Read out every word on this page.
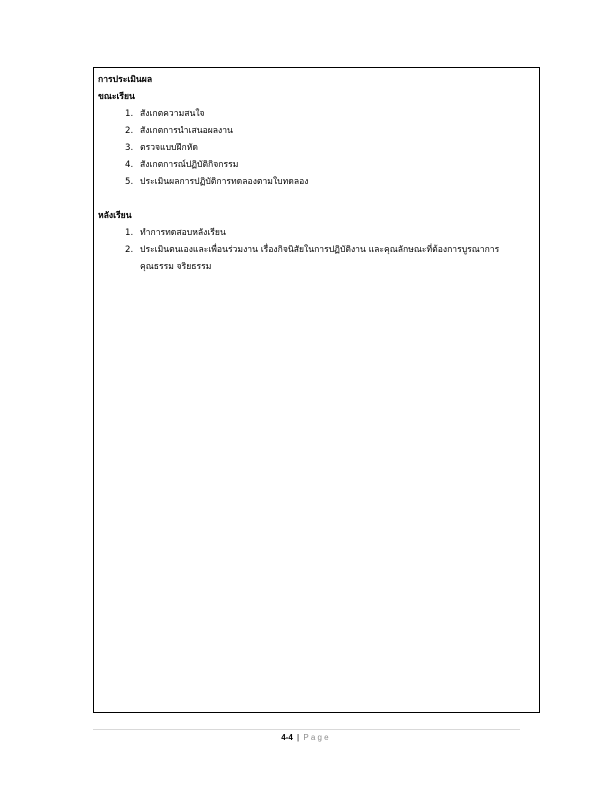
การประเมินผล

ขณะเรียน

1. สังเกตความสนใจ
2. สังเกตการนำเสนอผลงาน
3. ตรวจแบบฝึกหัด
4. สังเกตการณ์ปฏิบัติกิจกรรม
5. ประเมินผลการปฏิบัติการทดลองตามใบทดลอง

หลังเรียน

1. ทำการทดสอบหลังเรียน
2. ประเมินตนเองและเพื่อนร่วมงาน เรื่องกิจนิสัยในการปฏิบัติงาน และคุณลักษณะที่ต้องการบูรณาการคุณธรรม จริยธรรม
4-4 | Page
